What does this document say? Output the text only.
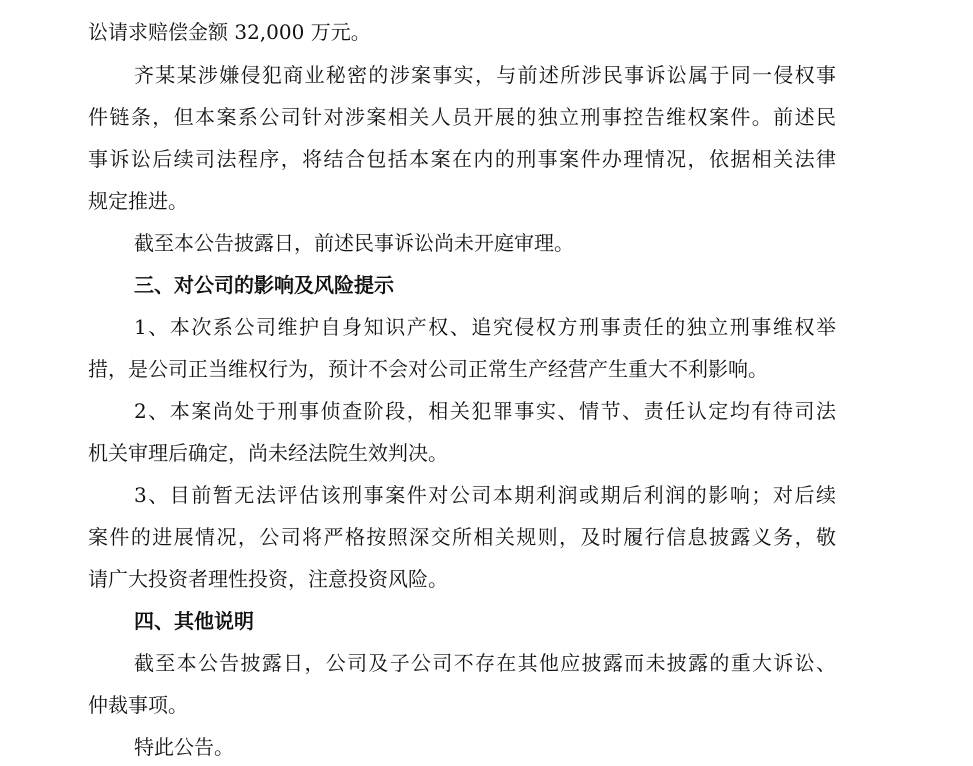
讼请求赔偿金额 32,000 万元。
齐某某涉嫌侵犯商业秘密的涉案事实，与前述所涉民事诉讼属于同一侵权事
件链条，但本案系公司针对涉案相关人员开展的独立刑事控告维权案件。前述民
事诉讼后续司法程序，将结合包括本案在内的刑事案件办理情况，依据相关法律
规定推进。
截至本公告披露日，前述民事诉讼尚未开庭审理。
三、对公司的影响及风险提示
1、本次系公司维护自身知识产权、追究侵权方刑事责任的独立刑事维权举
措，是公司正当维权行为，预计不会对公司正常生产经营产生重大不利影响。
2、本案尚处于刑事侦查阶段，相关犯罪事实、情节、责任认定均有待司法
机关审理后确定，尚未经法院生效判决。
3、目前暂无法评估该刑事案件对公司本期利润或期后利润的影响；对后续
案件的进展情况，公司将严格按照深交所相关规则，及时履行信息披露义务，敬
请广大投资者理性投资，注意投资风险。
四、其他说明
截至本公告披露日，公司及子公司不存在其他应披露而未披露的重大诉讼、
仲裁事项。
特此公告。
